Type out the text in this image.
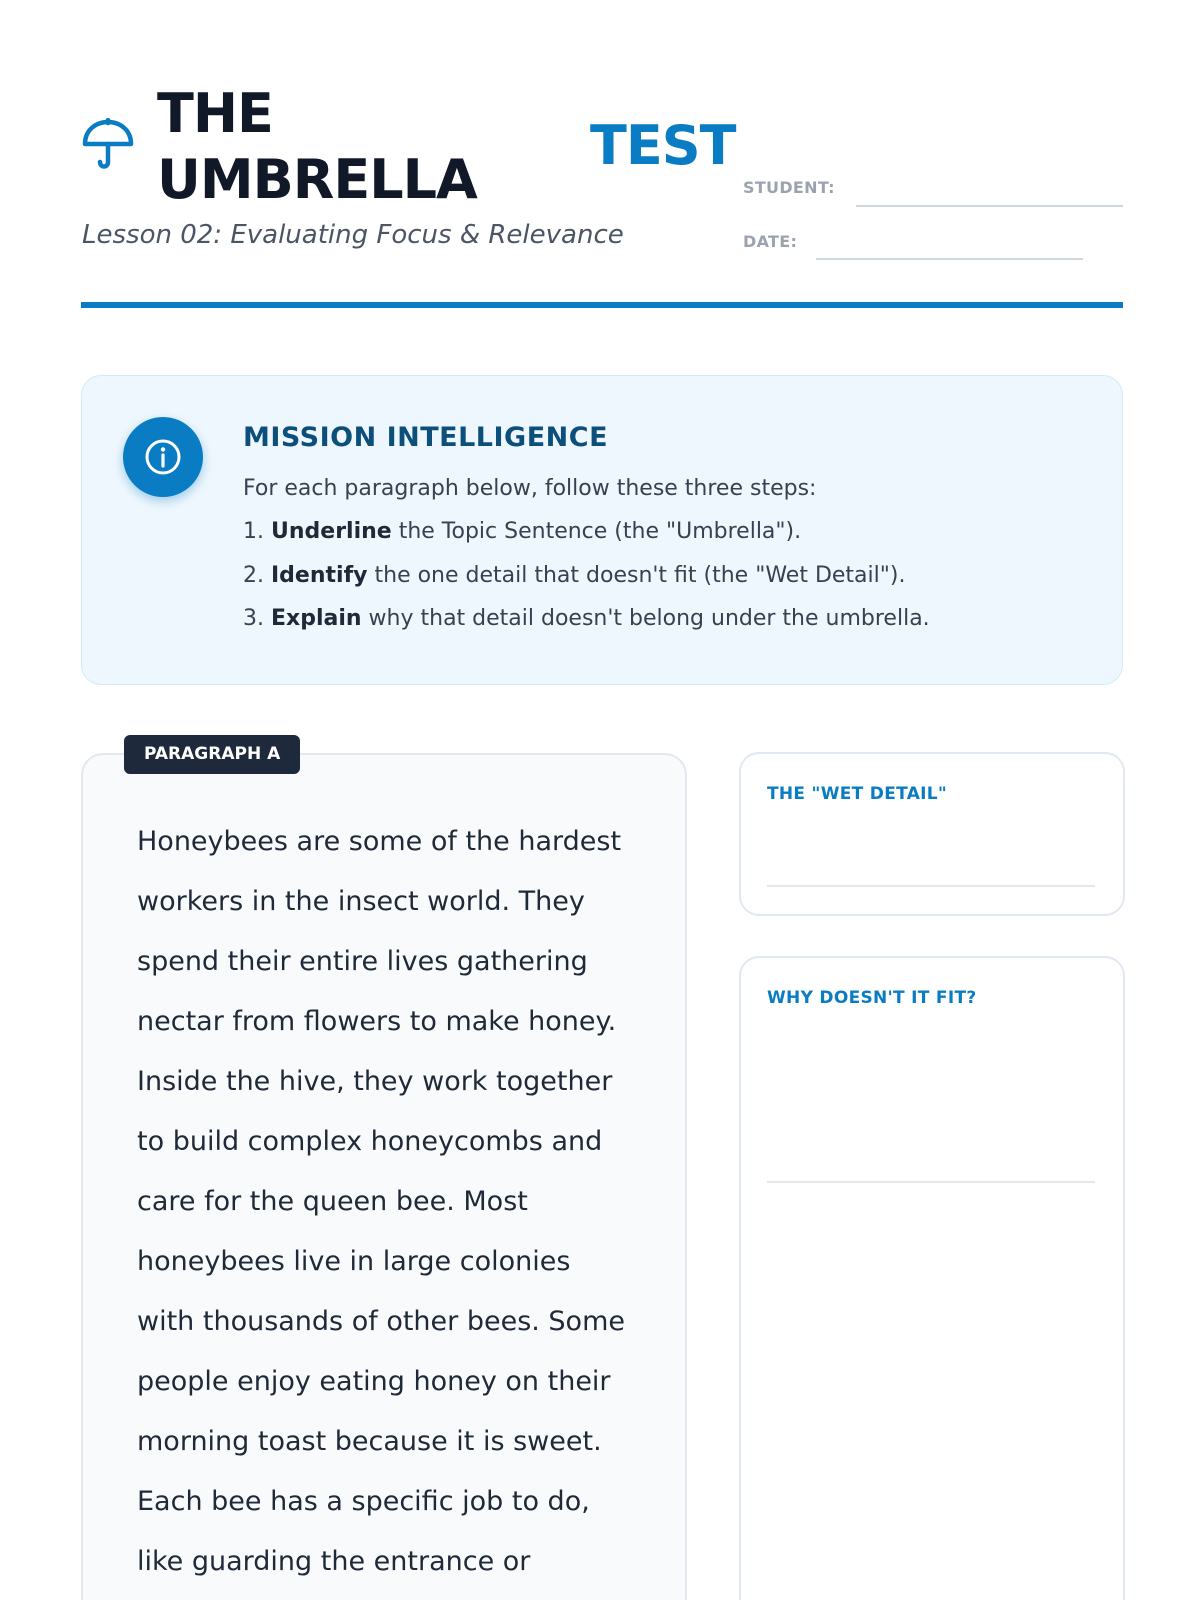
THE
UMBRELLA
TEST
Lesson 02: Evaluating Focus & Relevance
STUDENT:
DATE:
MISSION INTELLIGENCE
For each paragraph below, follow these three steps:
1. Underline the Topic Sentence (the "Umbrella").
2. Identify the one detail that doesn't fit (the "Wet Detail").
3. Explain why that detail doesn't belong under the umbrella.
PARAGRAPH A
Honeybees are some of the hardest
workers in the insect world. They
spend their entire lives gathering
nectar from flowers to make honey.
Inside the hive, they work together
to build complex honeycombs and
care for the queen bee. Most
honeybees live in large colonies
with thousands of other bees. Some
people enjoy eating honey on their
morning toast because it is sweet.
Each bee has a specific job to do,
like guarding the entrance or
THE "WET DETAIL"
WHY DOESN'T IT FIT?
